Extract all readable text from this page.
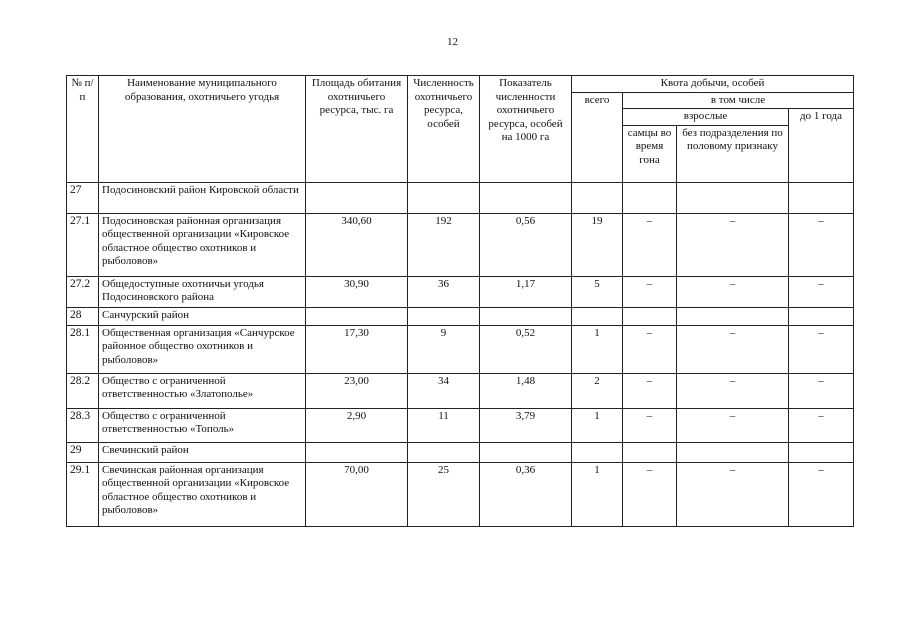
12
№ п/п	Наименование муниципального образования, охотничьего угодья	Площадь обитания охотничьего ресурса, тыс. га	Численность охотничьего ресурса, особей	Показатель численности охотничьего ресурса, особей на 1000 га	Квота добычи, особей			
					всего	в том числе		
						взрослые		до 1 года
						самцы во время гона	без подразделения по половому признаку	
27	Подосиновский район Кировской области							
27.1	Подосиновская районная организация общественной организации «Кировское областное общество охотников и рыболовов»	340,60	192	0,56	19	–	–	–
27.2	Общедоступные охотничьи угодья Подосиновского района	30,90	36	1,17	5	–	–	–
28	Санчурский район							
28.1	Общественная организация «Санчурское районное общество охотников и рыболовов»	17,30	9	0,52	1	–	–	–
28.2	Общество с ограниченной ответственностью «Златополье»	23,00	34	1,48	2	–	–	–
28.3	Общество с ограниченной ответственностью «Тополь»	2,90	11	3,79	1	–	–	–
29	Свечинский район							
29.1	Свечинская районная организация общественной организации «Кировское областное общество охотников и рыболовов»	70,00	25	0,36	1	–	–	–
